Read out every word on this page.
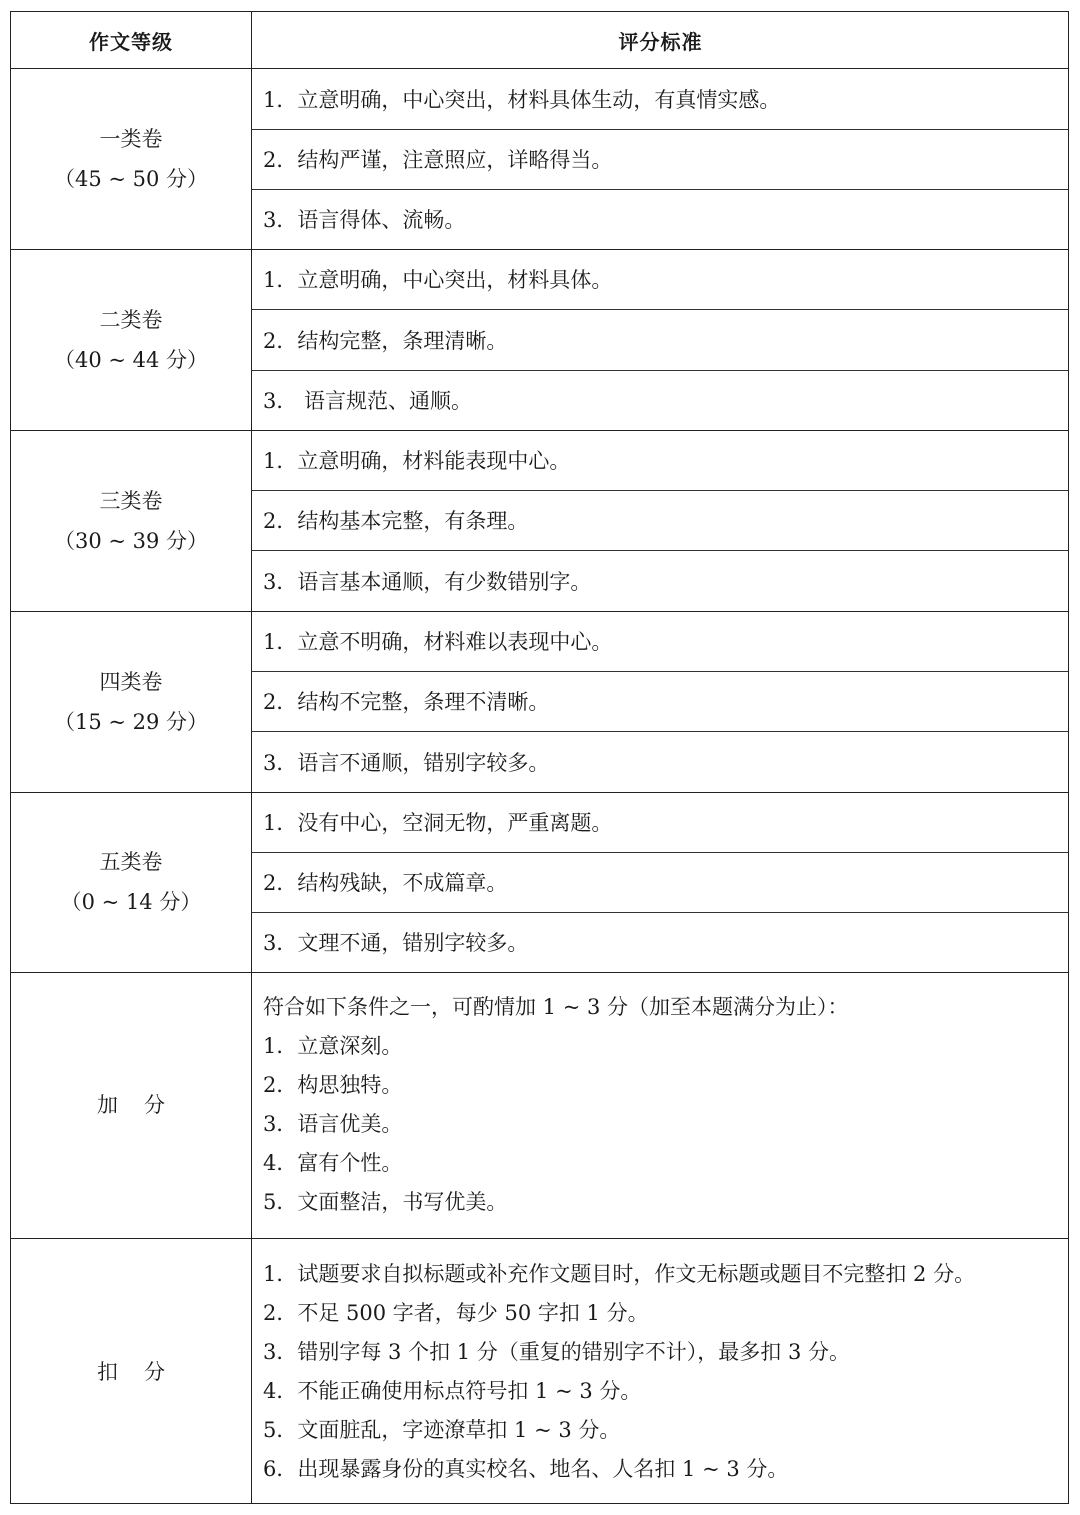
作文等级	评分标准
一类卷
（45 ~ 50 分）
1．立意明确，中心突出，材料具体生动，有真情实感。
2．结构严谨，注意照应，详略得当。
3．语言得体、流畅。
二类卷
（40 ~ 44 分）
1．立意明确，中心突出，材料具体。
2．结构完整，条理清晰。
3． 语言规范、通顺。
三类卷
（30 ~ 39 分）
1．立意明确，材料能表现中心。
2．结构基本完整，有条理。
3．语言基本通顺，有少数错别字。
四类卷
（15 ~ 29 分）
1．立意不明确，材料难以表现中心。
2．结构不完整，条理不清晰。
3．语言不通顺，错别字较多。
五类卷
（0 ~ 14 分）
1．没有中心，空洞无物，严重离题。
2．结构残缺，不成篇章。
3．文理不通，错别字较多。
加分
符合如下条件之一，可酌情加 1 ~ 3 分（加至本题满分为止）：
1．立意深刻。
2．构思独特。
3．语言优美。
4．富有个性。
5．文面整洁，书写优美。
扣分
1．试题要求自拟标题或补充作文题目时，作文无标题或题目不完整扣 2 分。
2．不足 500 字者，每少 50 字扣 1 分。
3．错别字每 3 个扣 1 分（重复的错别字不计），最多扣 3 分。
4．不能正确使用标点符号扣 1 ~ 3 分。
5．文面脏乱，字迹潦草扣 1 ~ 3 分。
6．出现暴露身份的真实校名、地名、人名扣 1 ~ 3 分。
